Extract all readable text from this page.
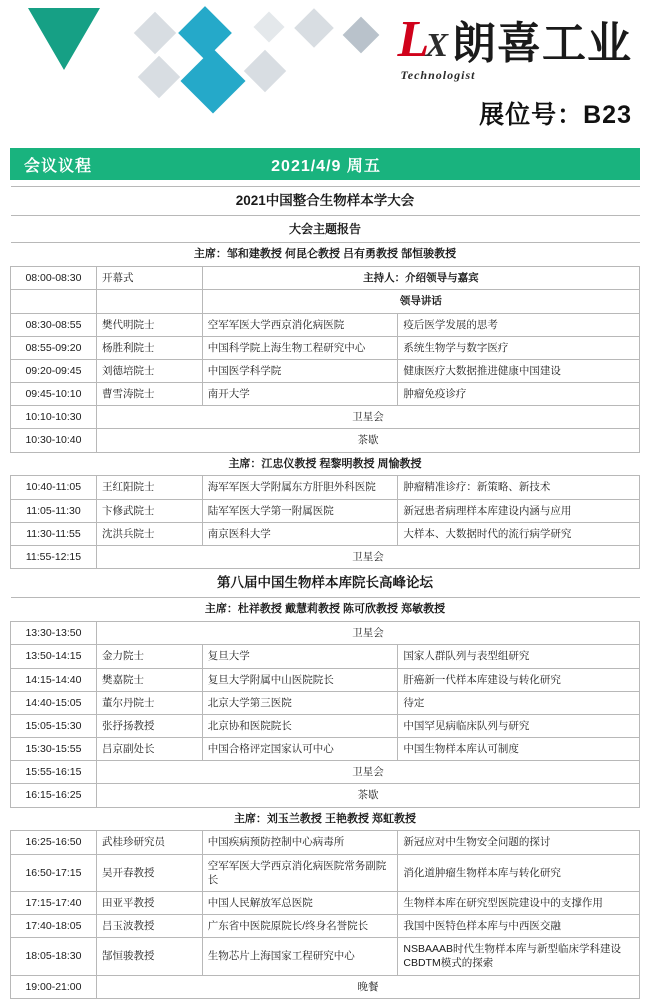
L
X 朗喜工业
Technologist
展位号：B23
会议议程	2021/4/9 周五
2021中国整合生物样本学大会			
大会主题报告			
主席：邹和建教授 何昆仑教授 吕有勇教授 郜恒骏教授			
08:00-08:30	开幕式	主持人：介绍领导与嘉宾	
		领导讲话	
08:30-08:55	樊代明院士	空军军医大学西京消化病医院	疫后医学发展的思考
08:55-09:20	杨胜利院士	中国科学院上海生物工程研究中心	系统生物学与数字医疗
09:20-09:45	刘德培院士	中国医学科学院	健康医疗大数据推进健康中国建设
09:45-10:10	曹雪涛院士	南开大学	肿瘤免疫诊疗
10:10-10:30	卫星会		
10:30-10:40	茶歇		
主席：江忠仪教授 程黎明教授 周愉教授			
10:40-11:05	王红阳院士	海军军医大学附属东方肝胆外科医院	肿瘤精准诊疗：新策略、新技术
11:05-11:30	卞修武院士	陆军军医大学第一附属医院	新冠患者病理样本库建设内涵与应用
11:30-11:55	沈洪兵院士	南京医科大学	大样本、大数据时代的流行病学研究
11:55-12:15	卫星会		
第八届中国生物样本库院长高峰论坛			
主席：杜祥教授 戴慧莉教授 陈可欣教授 郑敏教授			
13:30-13:50	卫星会		
13:50-14:15	金力院士	复旦大学	国家人群队列与表型组研究
14:15-14:40	樊嘉院士	复旦大学附属中山医院院长	肝癌新一代样本库建设与转化研究
14:40-15:05	董尔丹院士	北京大学第三医院	待定
15:05-15:30	张抒扬教授	北京协和医院院长	中国罕见病临床队列与研究
15:30-15:55	吕京副处长	中国合格评定国家认可中心	中国生物样本库认可制度
15:55-16:15	卫星会		
16:15-16:25	茶歇		
主席：刘玉兰教授 王艳教授 郑虹教授			
16:25-16:50	武桂珍研究员	中国疾病预防控制中心病毒所	新冠应对中生物安全问题的探讨
16:50-17:15	吴开春教授	空军军医大学西京消化病医院常务副院长	消化道肿瘤生物样本库与转化研究
17:15-17:40	田亚平教授	中国人民解放军总医院	生物样本库在研究型医院建设中的支撑作用
17:40-18:05	吕玉波教授	广东省中医院原院长/终身名誉院长	我国中医特色样本库与中西医交融
18:05-18:30	郜恒骏教授	生物芯片上海国家工程研究中心	NSBAAAB时代生物样本库与新型临床学科建设CBDTM模式的探索
19:00-21:00	晚餐		
